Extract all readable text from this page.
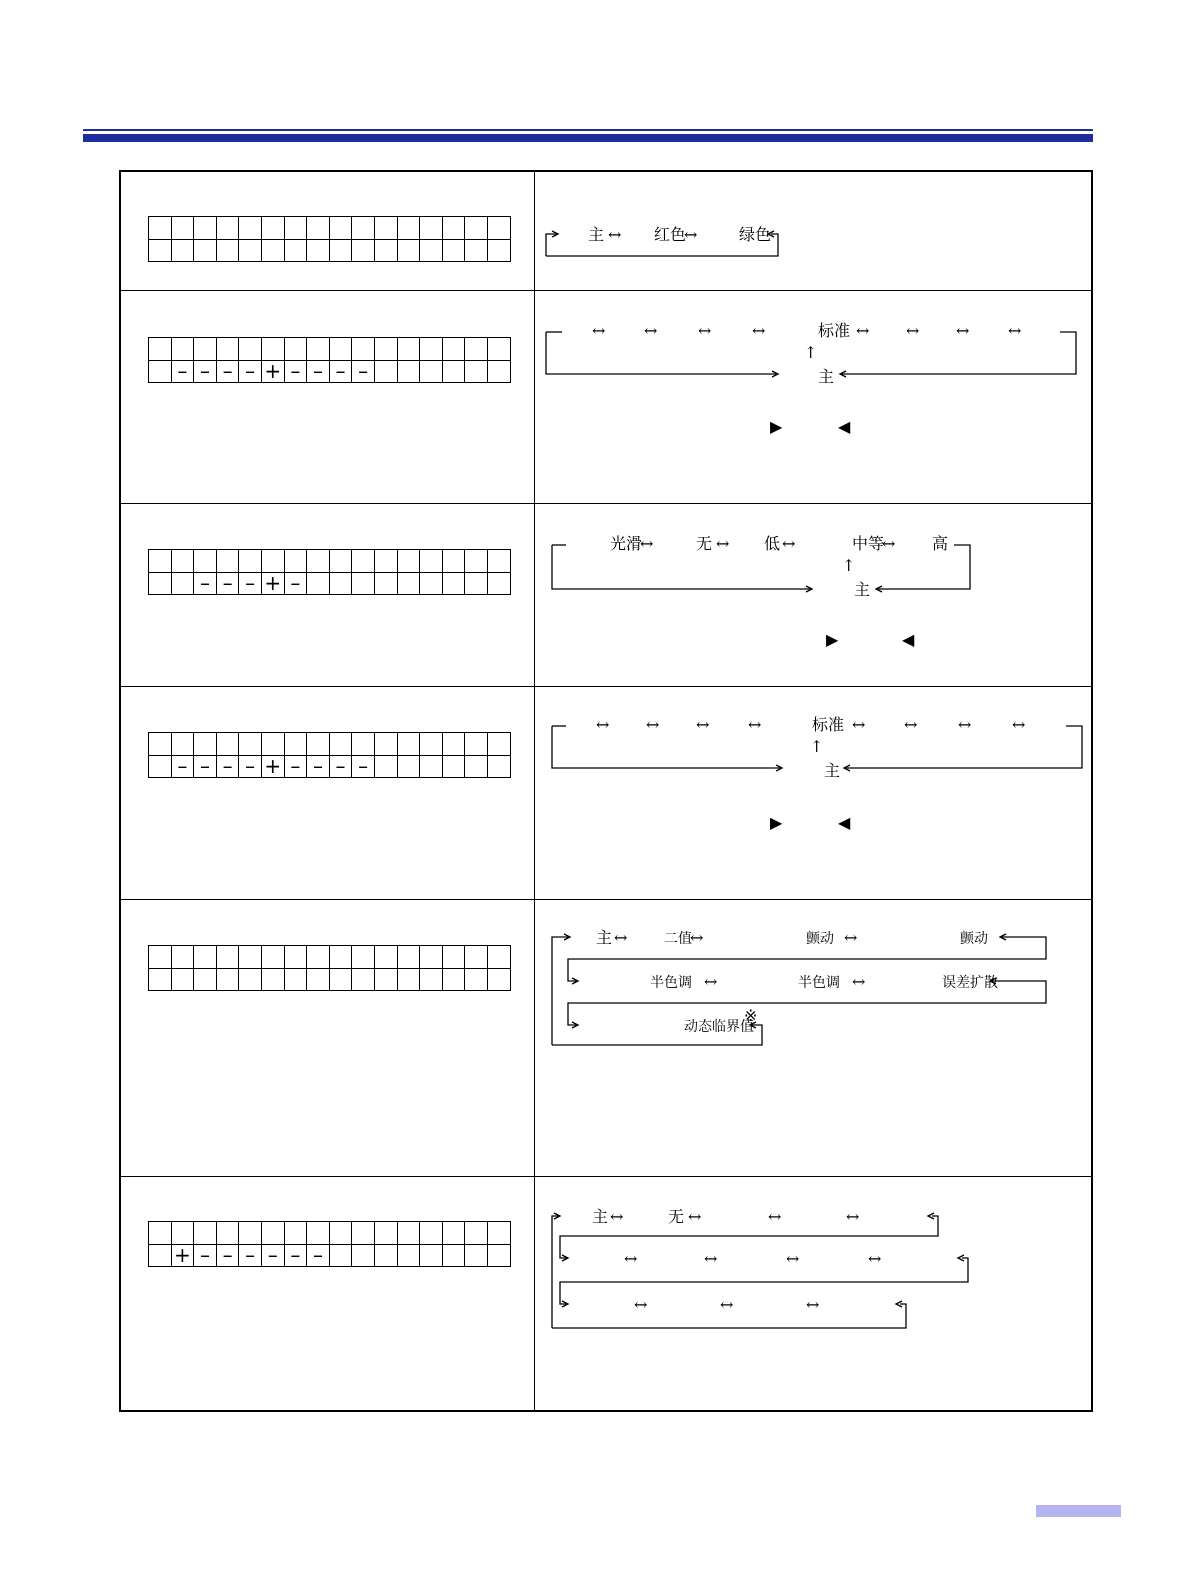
	–	–	–	–	+	–	–	–	–						

		–	–	–	+	–									

	–	–	–	–	+	–	–	–	–						

	+	–	–	–	–	–	–								
主 ↔ 红色
↔	绿色
↔ ↔	↔	↔	标准 ↔ ↔ ↔ ↔
↑
主
▶	◀
光滑
↔	无 ↔ 低 ↔	中等
↔ 高
↑
主
▶	◀
↔ ↔ ↔ ↔	标准 ↔ ↔	↔	↔
↑
主
▶	◀
主 ↔	二值
↔	颤动 ↔	颤动
半色调 ↔	半色调 ↔	误差扩散
动态临界值
※
主 ↔	无 ↔	↔	↔
↔	↔	↔	↔
↔	↔	↔
